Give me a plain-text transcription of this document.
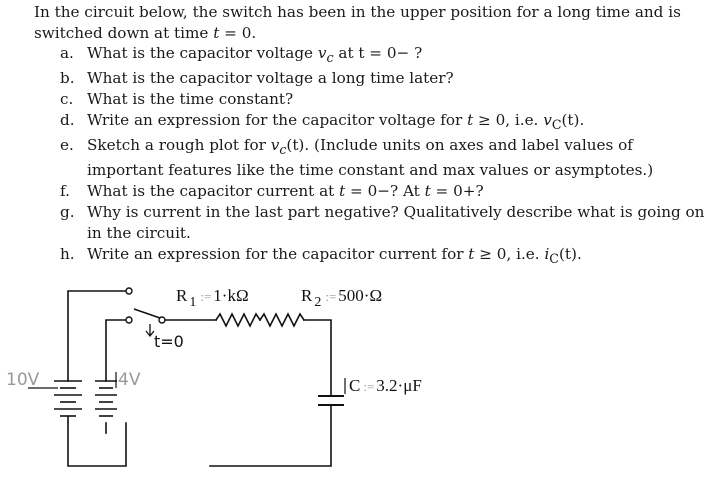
In the circuit below, the switch has been in the upper position for a long time and is
switched down at time t = 0.
a. What is the capacitor voltage $v_c$ at t = 0− ?
b. What is the capacitor voltage a long time later?
c. What is the time constant?
d. Write an expression for the capacitor voltage for t ≥ 0, i.e. $v_C(t)$.
e. Sketch a rough plot for $v_c(t)$. (Include units on axes and label values of
important features like the time constant and max values or asymptotes.)
f.	What is the capacitor current at t = 0−? At t = 0+?
g. Why is current in the last part negative? Qualitatively describe what is going on
in the circuit.
h. Write an expression for the capacitor current for t ≥ 0, i.e. $i_C(t)$.
t=0
10V	4V
R $_1$ := 1·kΩ	R $_2$ := 500·Ω
C := 3.2·μF
